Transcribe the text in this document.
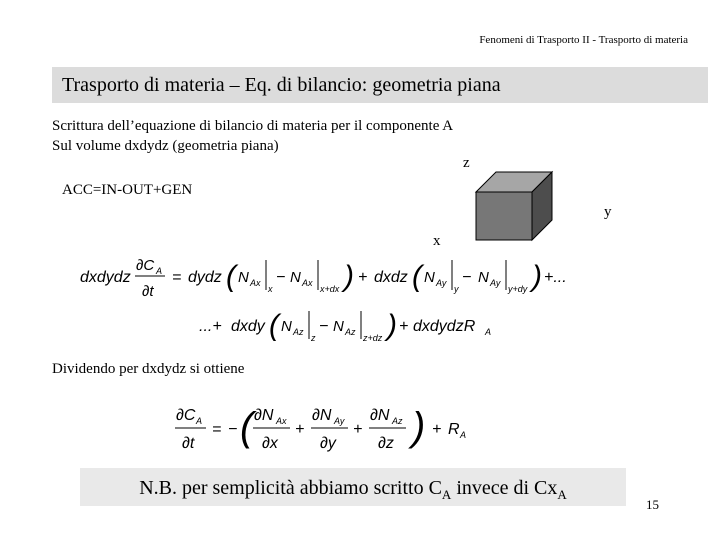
Fenomeni di Trasporto II - Trasporto di materia
Trasporto di materia – Eq. di bilancio: geometria piana
Scrittura dell’equazione di bilancio di materia per il componente A
Sul volume dxdydz (geometria piana)
ACC=IN-OUT+GEN
z
y
x
dxdydz
∂C A
∂t
= dydz ( N Ax
x
− N Ax
x+dx ) + dxdz ( N Ay
y
− N Ay
y+dy ) +...
...+ dxdy ( N Az
z
− N Az
z+dz ) + dxdydzR A
Dividendo per dxdydz si ottiene
∂C A
∂t
= − ( ∂N Ax
∂x
+
∂N Ay
∂y
+
∂N Az
∂z ) + R A
N.B. per semplicità abbiamo scritto $C_A$ invece di $Cx_A$
15
